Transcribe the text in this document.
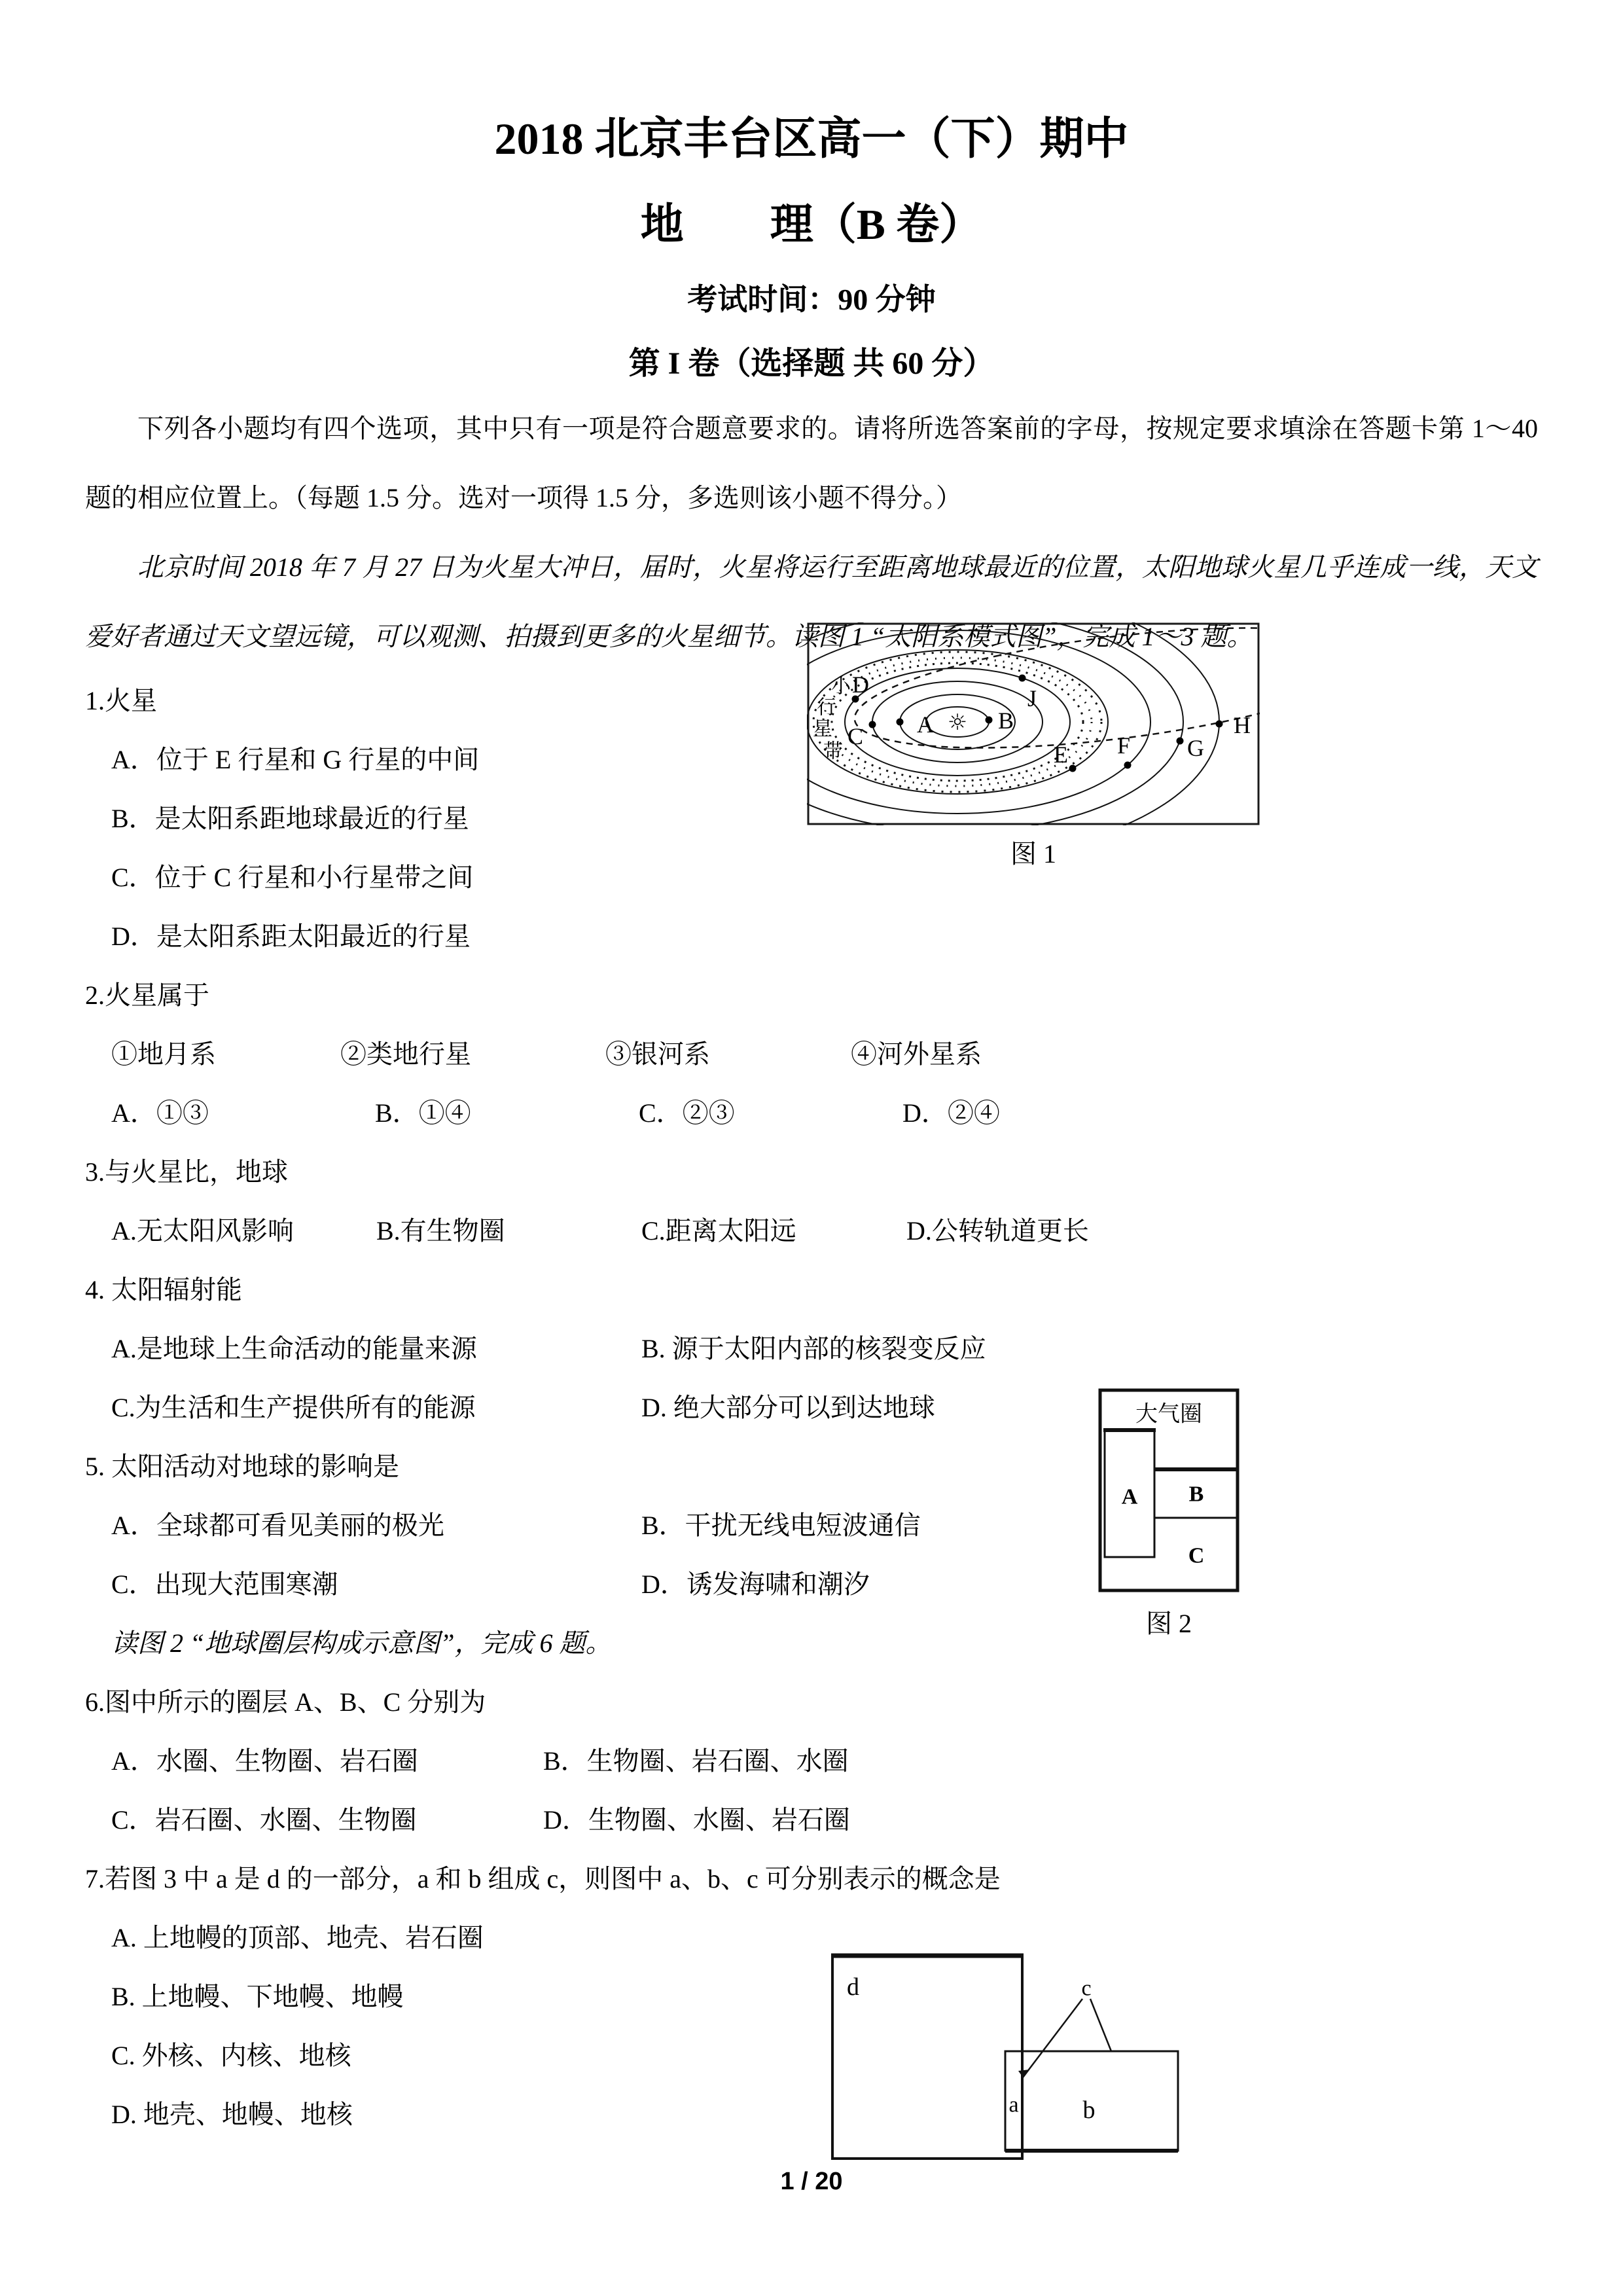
2018 北京丰台区高一（下）期中
地　　理（B 卷）
考试时间：90 分钟
第 I 卷（选择题 共 60 分）

下列各小题均有四个选项，其中只有一项是符合题意要求的。请将所选答案前的字母，按规定要求填涂在答题卡第 1～40 题的相应位置上。（每题 1.5 分。选对一项得 1.5 分，多选则该小题不得分。）

北京时间 2018 年 7 月 27 日为火星大冲日，届时，火星将运行至距离地球最近的位置，太阳地球火星几乎连成一线，天文爱好者通过天文望远镜，可以观测、拍摄到更多的火星细节。读图 1 “太阳系模式图”，完成 1～3 题。

1.火星
A．位于 E 行星和 G 行星的中间
B．是太阳系距地球最近的行星
C．位于 C 行星和小行星带之间
D．是太阳系距太阳最近的行星
☼
A	B
C
D
E F G
H
J
小
行
星
带
图 1
2.火星属于
①地月系	②类地行星	③银河系	④河外星系
A．①③	B．①④	C．②③	D．②④
3.与火星比，地球
A.无太阳风影响	B.有生物圈	C.距离太阳远	D.公转轨道更长
4. 太阳辐射能
A.是地球上生命活动的能量来源	B. 源于太阳内部的核裂变反应
C.为生活和生产提供所有的能源	D. 绝大部分可以到达地球
5. 太阳活动对地球的影响是
A．全球都可看见美丽的极光	B．干扰无线电短波通信
C．出现大范围寒潮	D．诱发海啸和潮汐
大气圈
A B
C
图 2

读图 2 “地球圈层构成示意图”，完成 6 题。

6.图中所示的圈层 A、B、C 分别为
A．水圈、生物圈、岩石圈	B．生物圈、岩石圈、水圈
C．岩石圈、水圈、生物圈	D．生物圈、水圈、岩石圈
7.若图 3 中 a 是 d 的一部分，a 和 b 组成 c，则图中 a、b、c 可分别表示的概念是
A. 上地幔的顶部、地壳、岩石圈
B. 上地幔、下地幔、地幔
C. 外核、内核、地核
D. 地壳、地幔、地核
d
a	b
c
1 / 20
